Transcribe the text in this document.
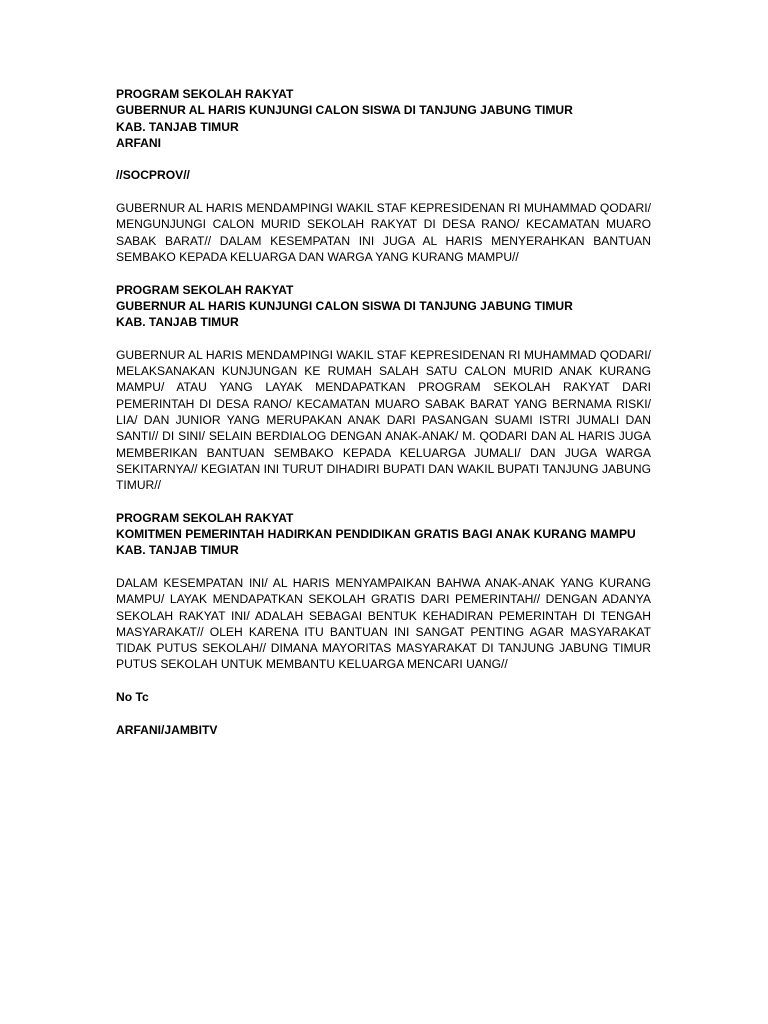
PROGRAM SEKOLAH RAKYAT
GUBERNUR AL HARIS KUNJUNGI CALON SISWA DI TANJUNG JABUNG TIMUR
KAB. TANJAB TIMUR
ARFANI
//SOCPROV//
GUBERNUR AL HARIS MENDAMPINGI WAKIL STAF KEPRESIDENAN RI MUHAMMAD QODARI/ MENGUNJUNGI CALON MURID SEKOLAH RAKYAT DI DESA RANO/ KECAMATAN MUARO SABAK BARAT// DALAM KESEMPATAN INI JUGA AL HARIS MENYERAHKAN BANTUAN SEMBAKO KEPADA KELUARGA DAN WARGA YANG KURANG MAMPU//
PROGRAM SEKOLAH RAKYAT
GUBERNUR AL HARIS KUNJUNGI CALON SISWA DI TANJUNG JABUNG TIMUR
KAB. TANJAB TIMUR
GUBERNUR AL HARIS MENDAMPINGI WAKIL STAF KEPRESIDENAN RI MUHAMMAD QODARI/ MELAKSANAKAN KUNJUNGAN KE RUMAH SALAH SATU CALON MURID ANAK KURANG MAMPU/ ATAU YANG LAYAK MENDAPATKAN PROGRAM SEKOLAH RAKYAT DARI PEMERINTAH DI DESA RANO/ KECAMATAN MUARO SABAK BARAT YANG BERNAMA RISKI/ LIA/ DAN JUNIOR YANG MERUPAKAN ANAK DARI PASANGAN SUAMI ISTRI JUMALI DAN SANTI// DI SINI/ SELAIN BERDIALOG DENGAN ANAK-ANAK/ M. QODARI DAN AL HARIS JUGA MEMBERIKAN BANTUAN SEMBAKO KEPADA KELUARGA JUMALI/ DAN JUGA WARGA SEKITARNYA// KEGIATAN INI TURUT DIHADIRI BUPATI DAN WAKIL BUPATI TANJUNG JABUNG TIMUR//
PROGRAM SEKOLAH RAKYAT
KOMITMEN PEMERINTAH HADIRKAN PENDIDIKAN GRATIS BAGI ANAK KURANG MAMPU
KAB. TANJAB TIMUR
DALAM KESEMPATAN INI/ AL HARIS MENYAMPAIKAN BAHWA ANAK-ANAK YANG KURANG MAMPU/ LAYAK MENDAPATKAN SEKOLAH GRATIS DARI PEMERINTAH// DENGAN ADANYA SEKOLAH RAKYAT INI/ ADALAH SEBAGAI BENTUK KEHADIRAN PEMERINTAH DI TENGAH MASYARAKAT// OLEH KARENA ITU BANTUAN INI SANGAT PENTING AGAR MASYARAKAT TIDAK PUTUS SEKOLAH// DIMANA MAYORITAS MASYARAKAT DI TANJUNG JABUNG TIMUR PUTUS SEKOLAH UNTUK MEMBANTU KELUARGA MENCARI UANG//
No Tc
ARFANI/JAMBITV
